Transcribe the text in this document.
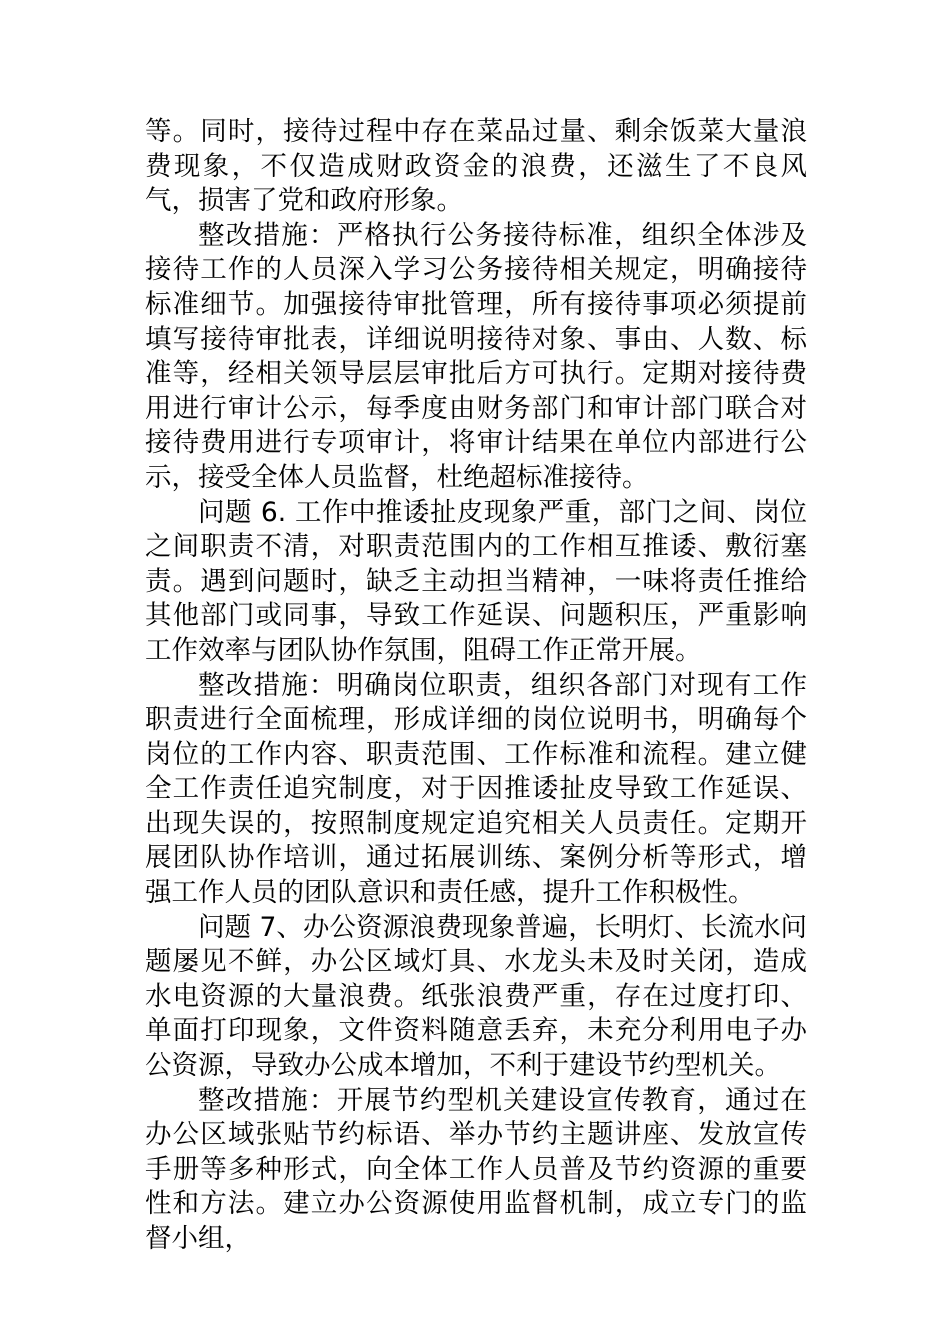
等。同时，接待过程中存在菜品过量、剩余饭菜大量浪费现象，不仅造成财政资金的浪费，还滋生了不良风气，损害了党和政府形象。

整改措施：严格执行公务接待标准，组织全体涉及接待工作的人员深入学习公务接待相关规定，明确接待标准细节。加强接待审批管理，所有接待事项必须提前填写接待审批表，详细说明接待对象、事由、人数、标准等，经相关领导层层审批后方可执行。定期对接待费用进行审计公示，每季度由财务部门和审计部门联合对接待费用进行专项审计，将审计结果在单位内部进行公示，接受全体人员监督，杜绝超标准接待。

问题 6. 工作中推诿扯皮现象严重，部门之间、岗位之间职责不清，对职责范围内的工作相互推诿、敷衍塞责。遇到问题时，缺乏主动担当精神，一味将责任推给其他部门或同事，导致工作延误、问题积压，严重影响工作效率与团队协作氛围，阻碍工作正常开展。

整改措施：明确岗位职责，组织各部门对现有工作职责进行全面梳理，形成详细的岗位说明书，明确每个岗位的工作内容、职责范围、工作标准和流程。建立健全工作责任追究制度，对于因推诿扯皮导致工作延误、出现失误的，按照制度规定追究相关人员责任。定期开展团队协作培训，通过拓展训练、案例分析等形式，增强工作人员的团队意识和责任感，提升工作积极性。

问题 7、办公资源浪费现象普遍，长明灯、长流水问题屡见不鲜，办公区域灯具、水龙头未及时关闭，造成水电资源的大量浪费。纸张浪费严重，存在过度打印、单面打印现象，文件资料随意丢弃，未充分利用电子办公资源，导致办公成本增加，不利于建设节约型机关。

整改措施：开展节约型机关建设宣传教育，通过在办公区域张贴节约标语、举办节约主题讲座、发放宣传手册等多种形式，向全体工作人员普及节约资源的重要性和方法。建立办公资源使用监督机制，成立专门的监督小组，
